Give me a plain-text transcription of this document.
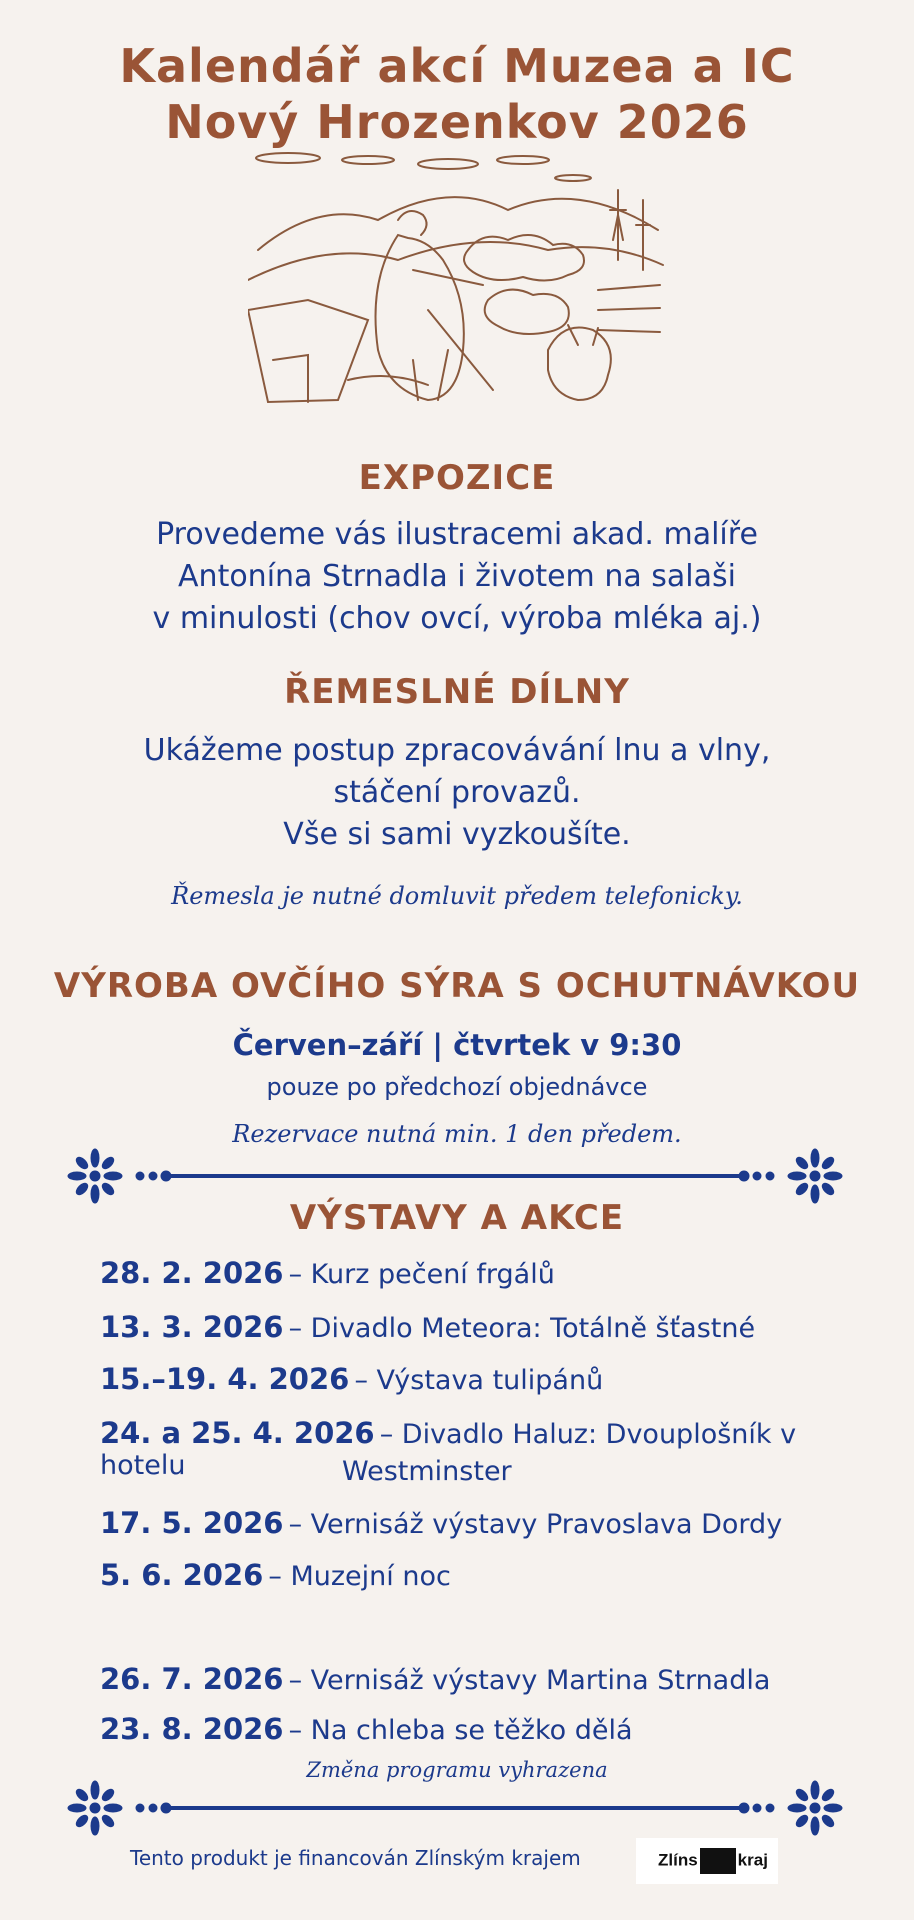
Kalendář akcí Muzea a IC
Nový Hrozenkov 2026
EXPOZICE
Provedeme vás ilustracemi akad. malíře
Antonína Strnadla i životem na salaši
v minulosti (chov ovcí, výroba mléka aj.)
ŘEMESLNÉ DÍLNY
Ukážeme postup zpracovávání lnu a vlny,
stáčení provazů.
Vše si sami vyzkoušíte.
Řemesla je nutné domluvit předem telefonicky.
VÝROBA OVČÍHO SÝRA S OCHUTNÁVKOU
Červen–září | čtvrtek v 9:30
pouze po předchozí objednávce
Rezervace nutná min. 1 den předem.
VÝSTAVY A AKCE
28. 2. 2026 – Kurz pečení frgálů
13. 3. 2026 – Divadlo Meteora: Totálně šťastné
15.–19. 4. 2026 – Výstava tulipánů
24. a 25. 4. 2026 – Divadlo Haluz: Dvouplošník v hotelu	Westminster
17. 5. 2026 – Vernisáž výstavy Pravoslava Dordy
5. 6. 2026 – Muzejní noc
26. 7. 2026 – Vernisáž výstavy Martina Strnadla
23. 8. 2026 – Na chleba se těžko dělá
Změna programu vyhrazena
Tento produkt je financován Zlínským krajem	Zlíns kraj
